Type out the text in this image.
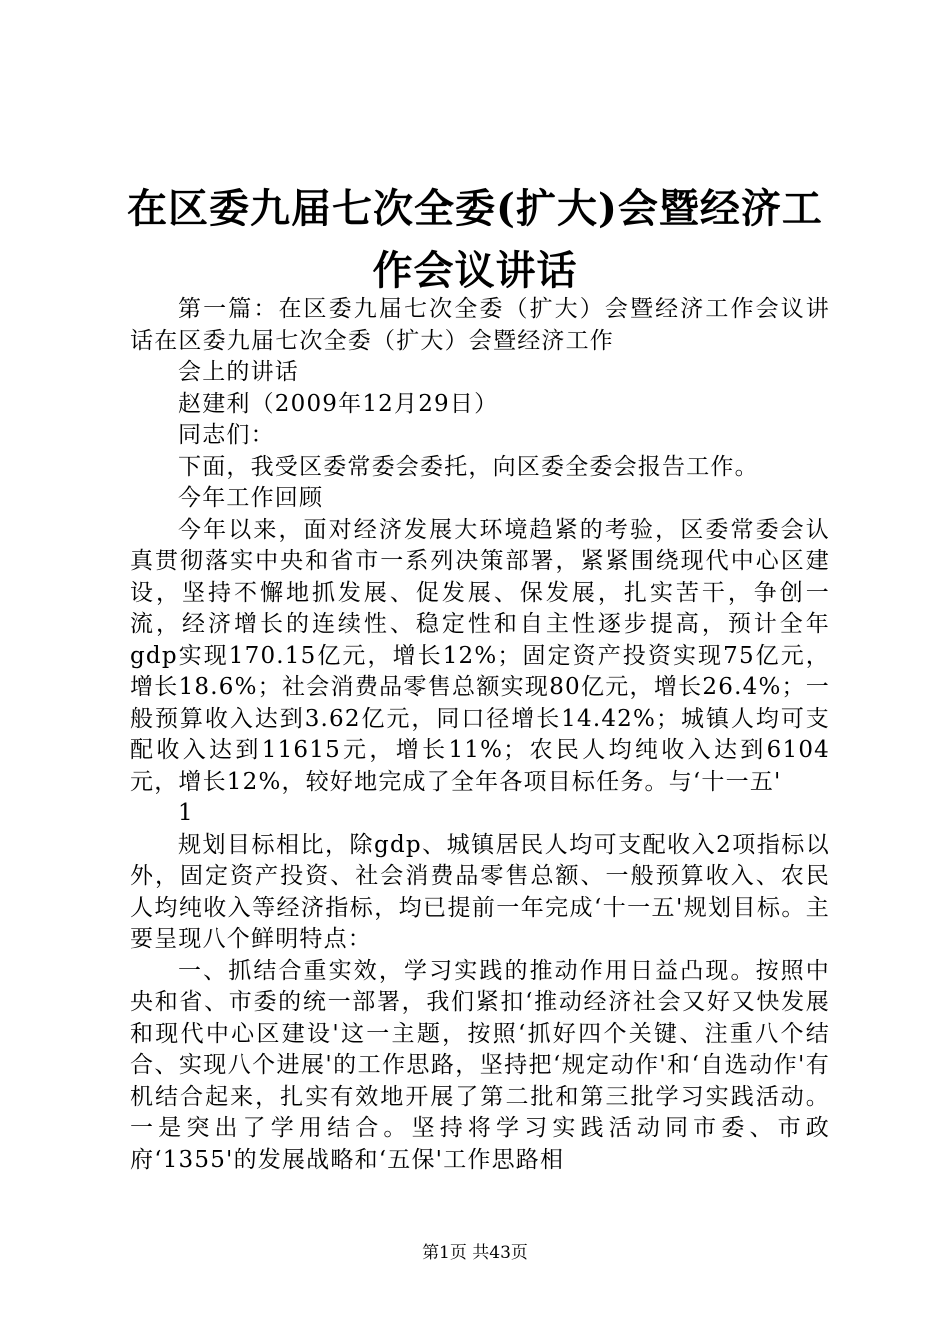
在区委九届七次全委(扩大)会暨经济工作会议讲话

第一篇：在区委九届七次全委（扩大）会暨经济工作会议讲话在区委九届七次全委（扩大）会暨经济工作

会上的讲话

赵建利（2009年12月29日）

同志们：

下面，我受区委常委会委托，向区委全委会报告工作。

今年工作回顾

今年以来，面对经济发展大环境趋紧的考验，区委常委会认真贯彻落实中央和省市一系列决策部署，紧紧围绕现代中心区建设，坚持不懈地抓发展、促发展、保发展，扎实苦干，争创一流，经济增长的连续性、稳定性和自主性逐步提高，预计全年gdp实现170.15亿元，增长12%；固定资产投资实现75亿元，增长18.6%；社会消费品零售总额实现80亿元，增长26.4%；一般预算收入达到3.62亿元，同口径增长14.42%；城镇人均可支配收入达到11615元，增长11%；农民人均纯收入达到6104元，增长12%，较好地完成了全年各项目标任务。与‘十一五'

1

规划目标相比，除gdp、城镇居民人均可支配收入2项指标以外，固定资产投资、社会消费品零售总额、一般预算收入、农民人均纯收入等经济指标，均已提前一年完成‘十一五'规划目标。主要呈现八个鲜明特点：

一、抓结合重实效，学习实践的推动作用日益凸现。按照中央和省、市委的统一部署，我们紧扣‘推动经济社会又好又快发展和现代中心区建设'这一主题，按照‘抓好四个关键、注重八个结合、实现八个进展'的工作思路，坚持把‘规定动作'和‘自选动作'有机结合起来，扎实有效地开展了第二批和第三批学习实践活动。一是突出了学用结合。坚持将学习实践活动同市委、市政府‘1355'的发展战略和‘五保'工作思路相

第1页 共43页
